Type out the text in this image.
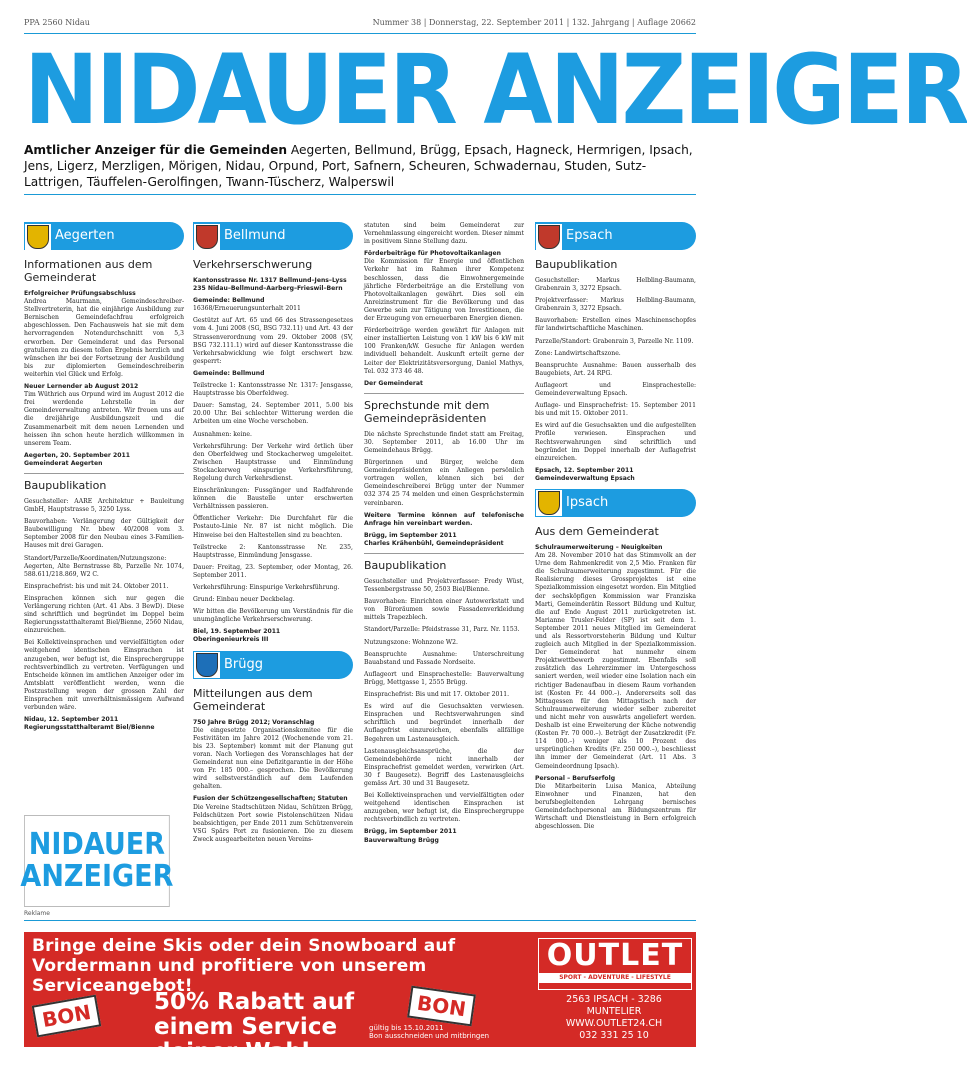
PPA 2560 Nidau	Nummer 38 | Donnerstag, 22. September 2011 | 132. Jahrgang | Auflage 20662
NIDAUER ANZEIGER
Amtlicher Anzeiger für die Gemeinden Aegerten, Bellmund, Brügg, Epsach, Hagneck, Hermrigen, Ipsach, Jens, Ligerz, Merzligen, Mörigen, Nidau, Orpund, Port, Safnern, Scheuren, Schwadernau, Studen, Sutz-Lattrigen, Täuffelen-Gerolfingen, Twann-Tüscherz, Walperswil
Aegerten
Informationen aus dem Gemeinderat

Erfolgreicher Prüfungsabschluss
Andrea Maurmann, Gemeindeschreiber-Stellvertreterin, hat die einjährige Ausbildung zur Bernischen Gemeindefachfrau erfolgreich abgeschlossen. Den Fachausweis hat sie mit dem hervorragenden Notendurchschnitt von 5,3 erworben. Der Gemeinderat und das Personal gratulieren zu diesem tollen Ergebnis herzlich und wünschen ihr bei der Fortsetzung der Ausbildung bis zur diplomierten Gemeindeschreiberin weiterhin viel Glück und Erfolg.

Neuer Lernender ab August 2012
Tim Wüthrich aus Orpund wird im August 2012 die frei werdende Lehrstelle in der Gemeindeverwaltung antreten. Wir freuen uns auf die dreijährige Ausbildungszeit und die Zusammenarbeit mit dem neuen Lernenden und heissen ihn schon heute herzlich willkommen in unserem Team.

Aegerten, 20. September 2011
Gemeinderat Aegerten

Baupublikation

Gesuchsteller: AARE Architektur + Bauleitung GmbH, Hauptstrasse 5, 3250 Lyss.

Bauvorhaben: Verlängerung der Gültigkeit der Baubewilligung Nr. bbew 40/2008 vom 3. September 2008 für den Neubau eines 3-Familien-Hauses mit drei Garagen.

Standort/Parzelle/Koordinaten/Nutzungszone: Aegerten, Alte Bernstrasse 8b, Parzelle Nr. 1074, 588.611/218.869, W2 C.

Einsprachefrist: bis und mit 24. Oktober 2011.

Einsprachen können sich nur gegen die Verlängerung richten (Art. 41 Abs. 3 BewD). Diese sind schriftlich und begründet im Doppel beim Regierungsstatthalteramt Biel/Bienne, 2560 Nidau, einzureichen.

Bei Kollektiveinsprachen und vervielfältigten oder weitgehend identischen Einsprachen ist anzugeben, wer befugt ist, die Einsprechergruppe rechtsverbindlich zu vertreten. Verfügungen und Entscheide können im amtlichen Anzeiger oder im Amtsblatt veröffentlicht werden, wenn die Postzustellung wegen der grossen Zahl der Einsprachen mit unverhältnismässigem Aufwand verbunden wäre.

Nidau, 12. September 2011
Regierungsstatthalteramt Biel/Bienne

NIDAUER
ANZEIGER
Bellmund
Verkehrserschwerung

Kantonsstrasse Nr. 1317 Bellmund–Jens–Lyss
235 Nidau–Bellmund–Aarberg–Frieswil–Bern

Gemeinde: Bellmund
16368/Erneuerungsunterhalt 2011

Gestützt auf Art. 65 und 66 des Strassengesetzes vom 4. Juni 2008 (SG, BSG 732.11) und Art. 43 der Strassenverordnung vom 29. Oktober 2008 (SV, BSG 732.111.1) wird auf dieser Kantonsstrasse die Verkehrsabwicklung wie folgt erschwert bzw. gesperrt:

Gemeinde: Bellmund

Teilstrecke 1: Kantonsstrasse Nr. 1317: Jensgasse, Hauptstrasse bis Oberfeldweg.

Dauer: Samstag, 24. September 2011, 5.00 bis 20.00 Uhr. Bei schlechter Witterung werden die Arbeiten um eine Woche verschoben.

Ausnahmen: keine.

Verkehrsführung: Der Verkehr wird örtlich über den Oberfeldweg und Stockacherweg umgeleitet. Zwischen Hauptstrasse und Einmündung Stockackerweg einspurige Verkehrsführung, Regelung durch Verkehrsdienst.

Einschränkungen: Fussgänger und Radfahrende können die Baustelle unter erschwerten Verhältnissen passieren.

Öffentlicher Verkehr: Die Durchfahrt für die Postauto-Linie Nr. 87 ist nicht möglich. Die Hinweise bei den Haltestellen sind zu beachten.

Teilstrecke 2: Kantonsstrasse Nr. 235, Hauptstrasse, Einmündung Jensgasse.

Dauer: Freitag, 23. September, oder Montag, 26. September 2011.

Verkehrsführung: Einspurige Verkehrsführung.

Grund: Einbau neuer Deckbelag.

Wir bitten die Bevölkerung um Verständnis für die unumgängliche Verkehrserschwerung.

Biel, 19. September 2011
Oberingenieurkreis III

Brügg
Mitteilungen aus dem Gemeinderat

750 Jahre Brügg 2012; Voranschlag
Die eingesetzte Organisationskomitee für die Festivitäten im Jahre 2012 (Wochenende vom 21. bis 23. September) kommt mit der Planung gut voran. Nach Vorliegen des Voranschlages hat der Gemeinderat nun eine Defizitgarantie in der Höhe von Fr. 185 000.– gesprochen. Die Bevölkerung wird selbstverständlich auf dem Laufenden gehalten.

Fusion der Schützengesellschaften; Statuten
Die Vereine Stadtschützen Nidau, Schützen Brügg, Feldschützen Port sowie Pistolenschützen Nidau beabsichtigen, per Ende 2011 zum Schützenverein VSG Spärs Port zu fusionieren. Die zu diesem Zweck ausgearbeiteten neuen Vereins-

statuten sind beim Gemeinderat zur Vernehmlassung eingereicht worden. Dieser nimmt in positivem Sinne Stellung dazu.

Förderbeiträge für Photovoltaikanlagen
Die Kommission für Energie und öffentlichen Verkehr hat im Rahmen ihrer Kompetenz beschlossen, dass die Einwohnergemeinde jährliche Förderbeiträge an die Erstellung von Photovoltaikanlagen gewährt. Dies soll ein Anreizinstrument für die Bevölkerung und das Gewerbe sein zur Tätigung von Investitionen, die der Erzeugung von erneuerbaren Energien dienen.

Förderbeiträge werden gewährt für Anlagen mit einer installierten Leistung von 1 kW bis 6 kW mit 100 Franken/kW. Gesuche für Anlagen werden individuell behandelt. Auskunft erteilt gerne der Leiter der Elektrizitätsversorgung, Daniel Mathys, Tel. 032 373 46 48.

Der Gemeinderat

Sprechstunde mit dem Gemeindepräsidenten

Die nächste Sprechstunde findet statt am Freitag, 30. September 2011, ab 16.00 Uhr im Gemeindehaus Brügg.

Bürgerinnen und Bürger, welche dem Gemeindepräsidenten ein Anliegen persönlich vortragen wollen, können sich bei der Gemeindeschreiberei Brügg unter der Nummer 032 374 25 74 melden und einen Gesprächstermin vereinbaren.

Weitere Termine können auf telefonische Anfrage hin vereinbart werden.

Brügg, im September 2011
Charles Krähenbühl, Gemeindepräsident

Baupublikation

Gesuchsteller und Projektverfasser: Fredy Wüst, Tessenbergstrasse 50, 2503 Biel/Bienne.

Bauvorhaben: Einrichten einer Autowerkstatt und von Büroräumen sowie Fassadenverkleidung mittels Trapezblech.

Standort/Parzelle: Pfeidstrasse 31, Parz. Nr. 1153.

Nutzungszone: Wohnzone W2.

Beanspruchte Ausnahme: Unterschreitung Bauabstand und Fassade Nordseite.

Auflageort und Einsprachestelle: Bauverwaltung Brügg, Mettgasse 1, 2555 Brügg.

Einsprachefrist: Bis und mit 17. Oktober 2011.

Es wird auf die Gesuchsakten verwiesen. Einsprachen und Rechtsverwahrungen sind schriftlich und begründet innerhalb der Auflagefrist einzureichen, ebenfalls allfällige Begehren um Lastenausgleich.

Lastenausgleichsansprüche, die der Gemeindebehörde nicht innerhalb der Einsprachefrist gemeldet werden, verwirken (Art. 30 f Baugesetz). Begriff des Lastenausgleichs gemäss Art. 30 und 31 Baugesetz.

Bei Kollektiveinsprachen und vervielfältigten oder weitgehend identischen Einsprachen ist anzugeben, wer befugt ist, die Einsprechergruppe rechtsverbindlich zu vertreten.

Brügg, im September 2011
Bauverwaltung Brügg

Epsach
Baupublikation

Gesuchsteller: Markus Helbling-Baumann, Grabenrain 3, 3272 Epsach.

Projektverfasser: Markus Helbling-Baumann, Grabenrain 3, 3272 Epsach.

Bauvorhaben: Erstellen eines Maschinenschopfes für landwirtschaftliche Maschinen.

Parzelle/Standort: Grabenrain 3, Parzelle Nr. 1109.

Zone: Landwirtschaftszone.

Beanspruchte Ausnahme: Bauen ausserhalb des Baugebiets, Art. 24 RPG.

Auflageort und Einsprachestelle: Gemeindeverwaltung Epsach.

Auflage- und Einsprachefrist: 15. September 2011 bis und mit 15. Oktober 2011.

Es wird auf die Gesuchsakten und die aufgestellten Profile verwiesen. Einsprachen und Rechtsverwahrungen sind schriftlich und begründet im Doppel innerhalb der Auflagefrist einzureichen.

Epsach, 12. September 2011
Gemeindeverwaltung Epsach

Ipsach
Aus dem Gemeinderat

Schulraumerweiterung – Neuigkeiten
Am 28. November 2010 hat das Stimmvolk an der Urne dem Rahmenkredit von 2,5 Mio. Franken für die Schulraumerweiterung zugestimmt. Für die Realisierung dieses Grossprojektes ist eine Spezialkommission eingesetzt worden. Ein Mitglied der sechsköpfigen Kommission war Franziska Marti, Gemeinderätin Ressort Bildung und Kultur, die auf Ende August 2011 zurückgetreten ist. Marianne Trusler-Felder (SP) ist seit dem 1. September 2011 neues Mitglied im Gemeinderat und als Ressortvorsteherin Bildung und Kultur zugleich auch Mitglied in der Spezialkommission. Der Gemeinderat hat nunmehr einem Projektwettbewerb zugestimmt. Ebenfalls soll zusätzlich das Lehrerzimmer im Untergeschoss saniert werden, weil wieder eine Isolation nach ein richtiger Badenaufbau in diesem Raum vorhanden ist (Kosten Fr. 44 000.–). Andererseits soll das Mittagessen für den Mittagstisch nach der Schulraumerweiterung wieder selber zubereitet und nicht mehr von auswärts angeliefert werden. Deshalb ist eine Erweiterung der Küche notwendig (Kosten Fr. 70 000.–). Beträgt der Zusatzkredit (Fr. 114 000.–) weniger als 10 Prozent des ursprünglichen Kredits (Fr. 250 000.–), beschliesst ihn immer der Gemeinderat (Art. 11 Abs. 3 Gemeindeordnung Ipsach).

Personal – Berufserfolg
Die Mitarbeiterin Luisa Manica, Abteilung Einwohner und Finanzen, hat den berufsbegleitenden Lehrgang bernisches Gemeindefachpersonal am Bildungszentrum für Wirtschaft und Dienstleistung in Bern erfolgreich abgeschlossen. Die

Reklame
Bringe deine Skis oder dein Snowboard auf Vordermann und profitiere von unserem Serviceangebot!
BON	50% Rabatt auf einem Service deiner Wahl
BON
gültig bis 15.10.2011
Bon ausschneiden und mitbringen
OUTLET
SPORT - ADVENTURE - LIFESTYLE
2563 IPSACH - 3286 MUNTELIER
WWW.OUTLET24.CH
032 331 25 10
